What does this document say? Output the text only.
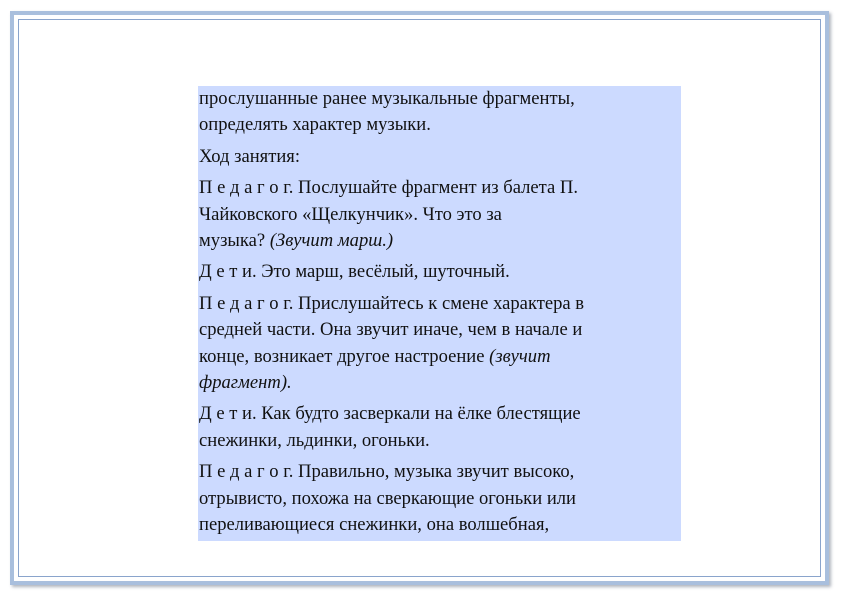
прослушанные ранее музыкальные фрагменты,
определять характер музыки.

Ход занятия:

П е д а г о г. Послушайте фрагмент из балета П.
Чайковского «Щелкунчик». Что это за
музыка? (Звучит марш.)

Д е т и. Это марш, весёлый, шуточный.

П е д а г о г. Прислушайтесь к смене характера в
средней части. Она звучит иначе, чем в начале и
конце, возникает другое настроение (звучит
фрагмент).

Д е т и. Как будто засверкали на ёлке блестящие
снежинки, льдинки, огоньки.

П е д а г о г. Правильно, музыка звучит высоко,
отрывисто, похожа на сверкающие огоньки или
переливающиеся снежинки, она волшебная,
